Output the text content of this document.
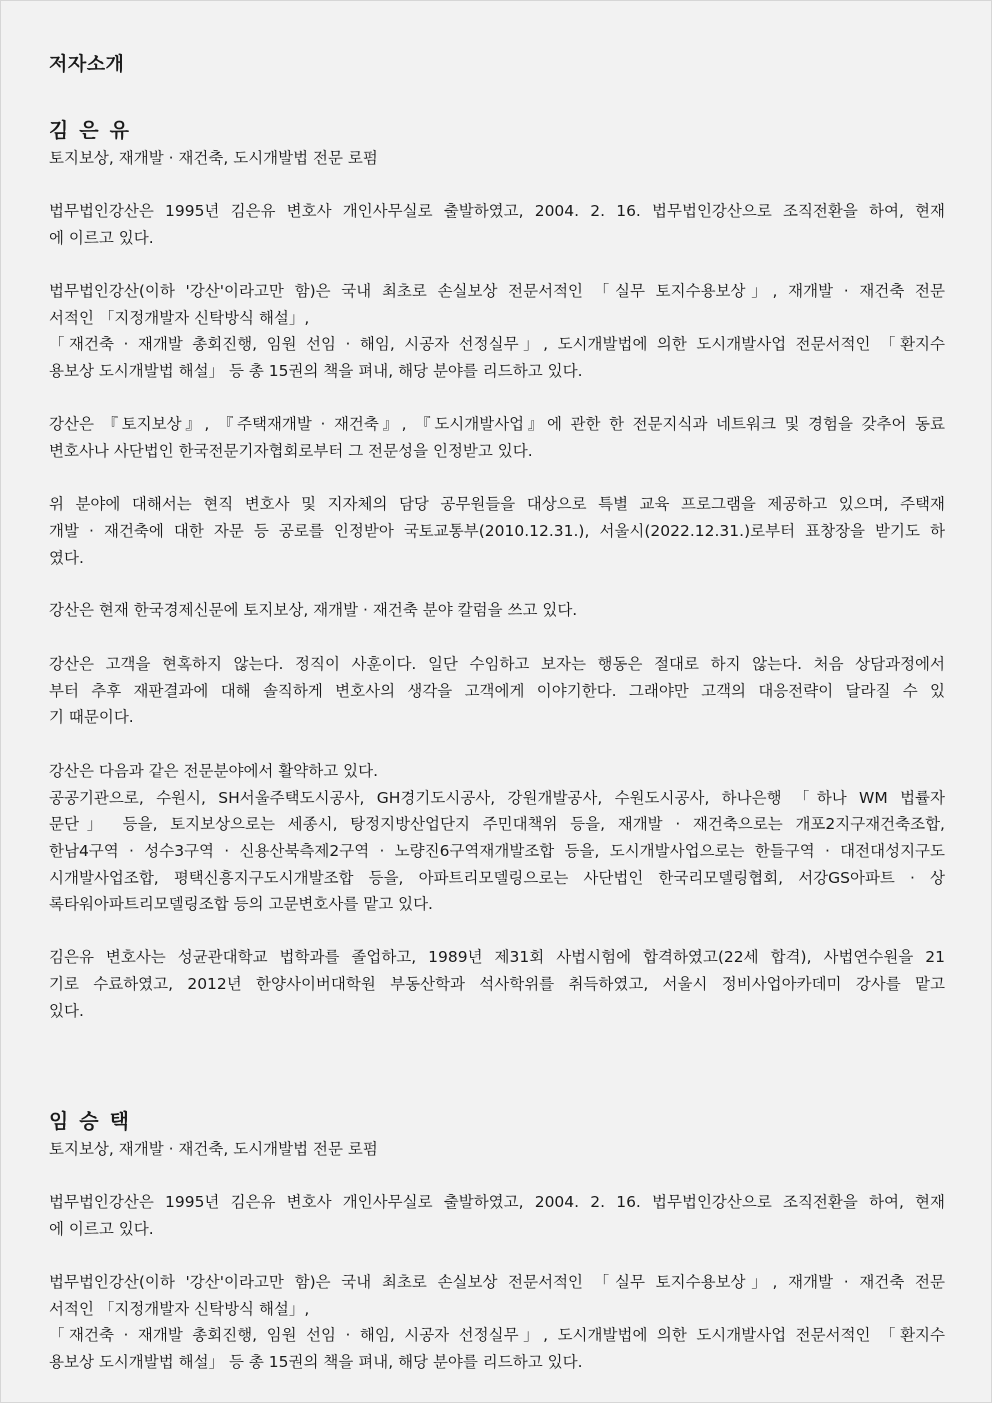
저자소개
김 은 유

토지보상, 재개발 · 재건축, 도시개발법 전문 로펌

법무법인강산은 1995년 김은유 변호사 개인사무실로 출발하였고, 2004. 2. 16. 법무법인강산으로 조직전환을 하여, 현재

에 이르고 있다.

법무법인강산(이하 '강산'이라고만 함)은 국내 최초로 손실보상 전문서적인 「실무 토지수용보상」, 재개발 · 재건축 전문

서적인 「지정개발자 신탁방식 해설」,

「재건축 · 재개발 총회진행, 임원 선임 · 해임, 시공자 선정실무」, 도시개발법에 의한 도시개발사업 전문서적인 「환지수

용보상 도시개발법 해설」 등 총 15권의 책을 펴내, 해당 분야를 리드하고 있다.

강산은 『토지보상』, 『주택재개발 · 재건축』, 『도시개발사업』에 관한 한 전문지식과 네트워크 및 경험을 갖추어 동료

변호사나 사단법인 한국전문기자협회로부터 그 전문성을 인정받고 있다.

위 분야에 대해서는 현직 변호사 및 지자체의 담당 공무원들을 대상으로 특별 교육 프로그램을 제공하고 있으며, 주택재

개발 · 재건축에 대한 자문 등 공로를 인정받아 국토교통부(2010.12.31.), 서울시(2022.12.31.)로부터 표창장을 받기도 하

였다.

강산은 현재 한국경제신문에 토지보상, 재개발 · 재건축 분야 칼럼을 쓰고 있다.

강산은 고객을 현혹하지 않는다. 정직이 사훈이다. 일단 수임하고 보자는 행동은 절대로 하지 않는다. 처음 상담과정에서

부터 추후 재판결과에 대해 솔직하게 변호사의 생각을 고객에게 이야기한다. 그래야만 고객의 대응전략이 달라질 수 있

기 때문이다.

강산은 다음과 같은 전문분야에서 활약하고 있다.

공공기관으로, 수원시, SH서울주택도시공사, GH경기도시공사, 강원개발공사, 수원도시공사, 하나은행 「하나 WM 법률자

문단」 등을, 토지보상으로는 세종시, 탕정지방산업단지 주민대책위 등을, 재개발 · 재건축으로는 개포2지구재건축조합,

한남4구역 · 성수3구역 · 신용산북측제2구역 · 노량진6구역재개발조합 등을, 도시개발사업으로는 한들구역 · 대전대성지구도

시개발사업조합, 평택신흥지구도시개발조합 등을, 아파트리모델링으로는 사단법인 한국리모델링협회, 서강GS아파트 · 상

록타워아파트리모델링조합 등의 고문변호사를 맡고 있다.

김은유 변호사는 성균관대학교 법학과를 졸업하고, 1989년 제31회 사법시험에 합격하였고(22세 합격), 사법연수원을 21

기로 수료하였고, 2012년 한양사이버대학원 부동산학과 석사학위를 취득하였고, 서울시 정비사업아카데미 강사를 맡고

있다.

임 승 택

토지보상, 재개발 · 재건축, 도시개발법 전문 로펌

법무법인강산은 1995년 김은유 변호사 개인사무실로 출발하였고, 2004. 2. 16. 법무법인강산으로 조직전환을 하여, 현재

에 이르고 있다.

법무법인강산(이하 '강산'이라고만 함)은 국내 최초로 손실보상 전문서적인 「실무 토지수용보상」, 재개발 · 재건축 전문

서적인 「지정개발자 신탁방식 해설」,

「재건축 · 재개발 총회진행, 임원 선임 · 해임, 시공자 선정실무」, 도시개발법에 의한 도시개발사업 전문서적인 「환지수

용보상 도시개발법 해설」 등 총 15권의 책을 펴내, 해당 분야를 리드하고 있다.
